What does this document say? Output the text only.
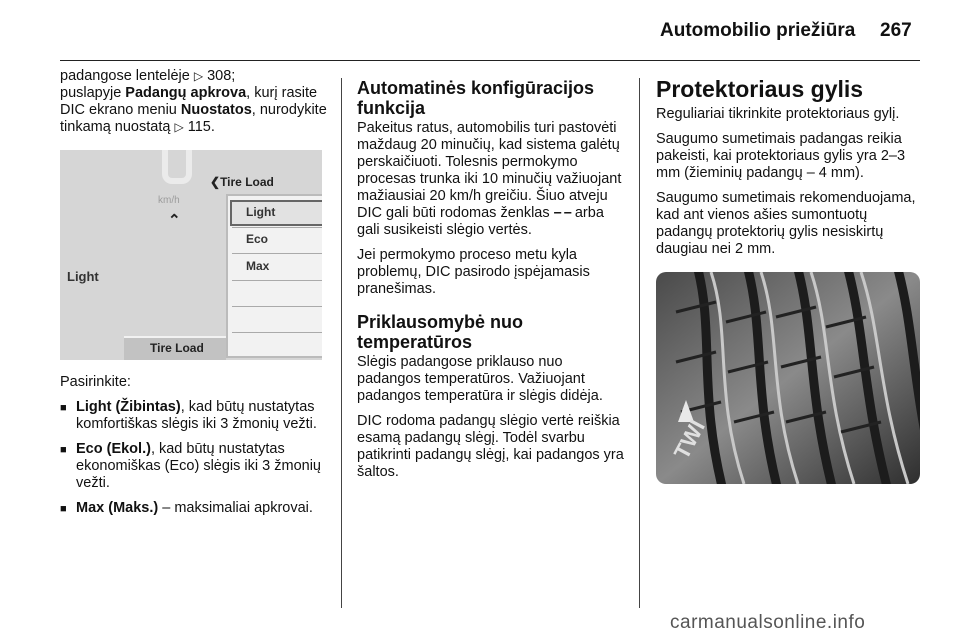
Automobilio priežiūra 267

padangose lentelėje ▷ 308;
puslapyje Padangų apkrova, kurį rasite DIC ekrano meniu Nuostatos, nurodykite tinkamą nuostatą ▷ 115.

km/h
❮Tire Load
⌃
Light
Light
Eco
Max
Tire Load

Pasirinkite:

■ Light (Žibintas), kad būtų nustatytas komfortiškas slėgis iki 3 žmonių vežti.

■ Eco (Ekol.), kad būtų nustatytas ekonomiškas (Eco) slėgis iki 3 žmonių vežti.

■ Max (Maks.) – maksimaliai apkrovai.

Automatinės konfigūracijos funkcija

Pakeitus ratus, automobilis turi pastovėti maždaug 20 minučių, kad sistema galėtų perskaičiuoti. Tolesnis permokymo procesas trunka iki 10 minučių važiuojant mažiausiai 20 km/h greičiu. Šiuo atveju DIC gali būti rodomas ženklas – – arba gali susikeisti slėgio vertės.

Jei permokymo proceso metu kyla problemų, DIC pasirodo įspėjamasis pranešimas.

Priklausomybė nuo temperatūros

Slėgis padangose priklauso nuo padangos temperatūros. Važiuojant padangos temperatūra ir slėgis didėja.

DIC rodoma padangų slėgio vertė reiškia esamą padangų slėgį. Todėl svarbu patikrinti padangų slėgį, kai padangos yra šaltos.

Protektoriaus gylis

Reguliariai tikrinkite protektoriaus gylį.

Saugumo sumetimais padangas reikia pakeisti, kai protektoriaus gylis yra 2–3 mm (žieminių padangų – 4 mm).

Saugumo sumetimais rekomenduojama, kad ant vienos ašies sumontuotų padangų protektorių gylis nesiskirtų daugiau nei 2 mm.

TWI
carmanualsonline.info
